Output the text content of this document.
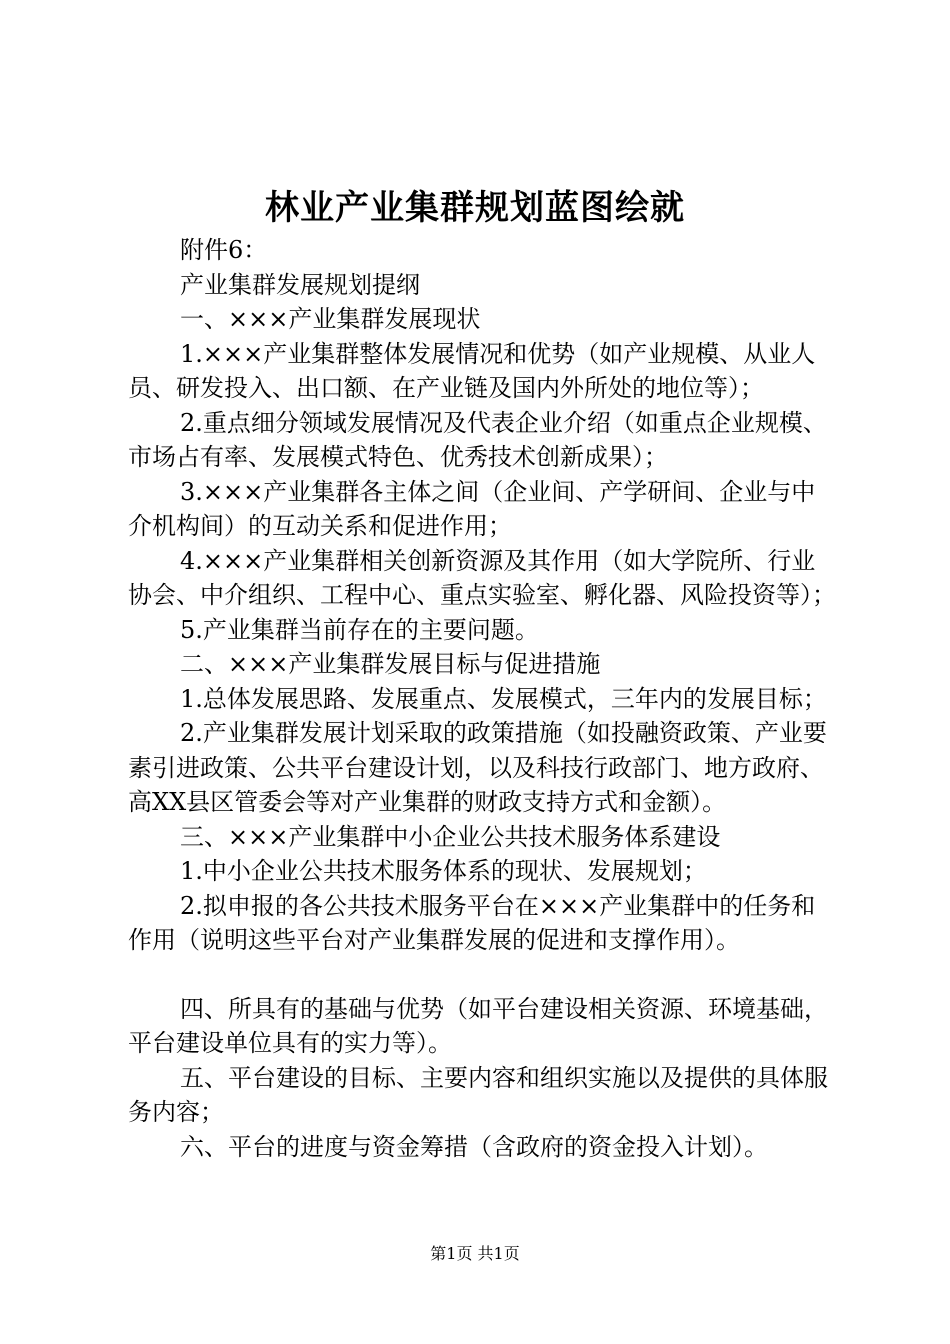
林业产业集群规划蓝图绘就

附件6：

产业集群发展规划提纲

一、×××产业集群发展现状

1.×××产业集群整体发展情况和优势（如产业规模、从业人员、研发投入、出口额、在产业链及国内外所处的地位等）；

2.重点细分领域发展情况及代表企业介绍（如重点企业规模、市场占有率、发展模式特色、优秀技术创新成果）；

3.×××产业集群各主体之间（企业间、产学研间、企业与中介机构间）的互动关系和促进作用；

4.×××产业集群相关创新资源及其作用（如大学院所、行业协会、中介组织、工程中心、重点实验室、孵化器、风险投资等）；

5.产业集群当前存在的主要问题。

二、×××产业集群发展目标与促进措施

1.总体发展思路、发展重点、发展模式，三年内的发展目标；

2.产业集群发展计划采取的政策措施（如投融资政策、产业要素引进政策、公共平台建设计划，以及科技行政部门、地方政府、高XX县区管委会等对产业集群的财政支持方式和金额）。

三、×××产业集群中小企业公共技术服务体系建设

1.中小企业公共技术服务体系的现状、发展规划；

2.拟申报的各公共技术服务平台在×××产业集群中的任务和作用（说明这些平台对产业集群发展的促进和支撑作用）。

四、所具有的基础与优势（如平台建设相关资源、环境基础，平台建设单位具有的实力等）。

五、平台建设的目标、主要内容和组织实施以及提供的具体服务内容；

六、平台的进度与资金筹措（含政府的资金投入计划）。

第1页 共1页
